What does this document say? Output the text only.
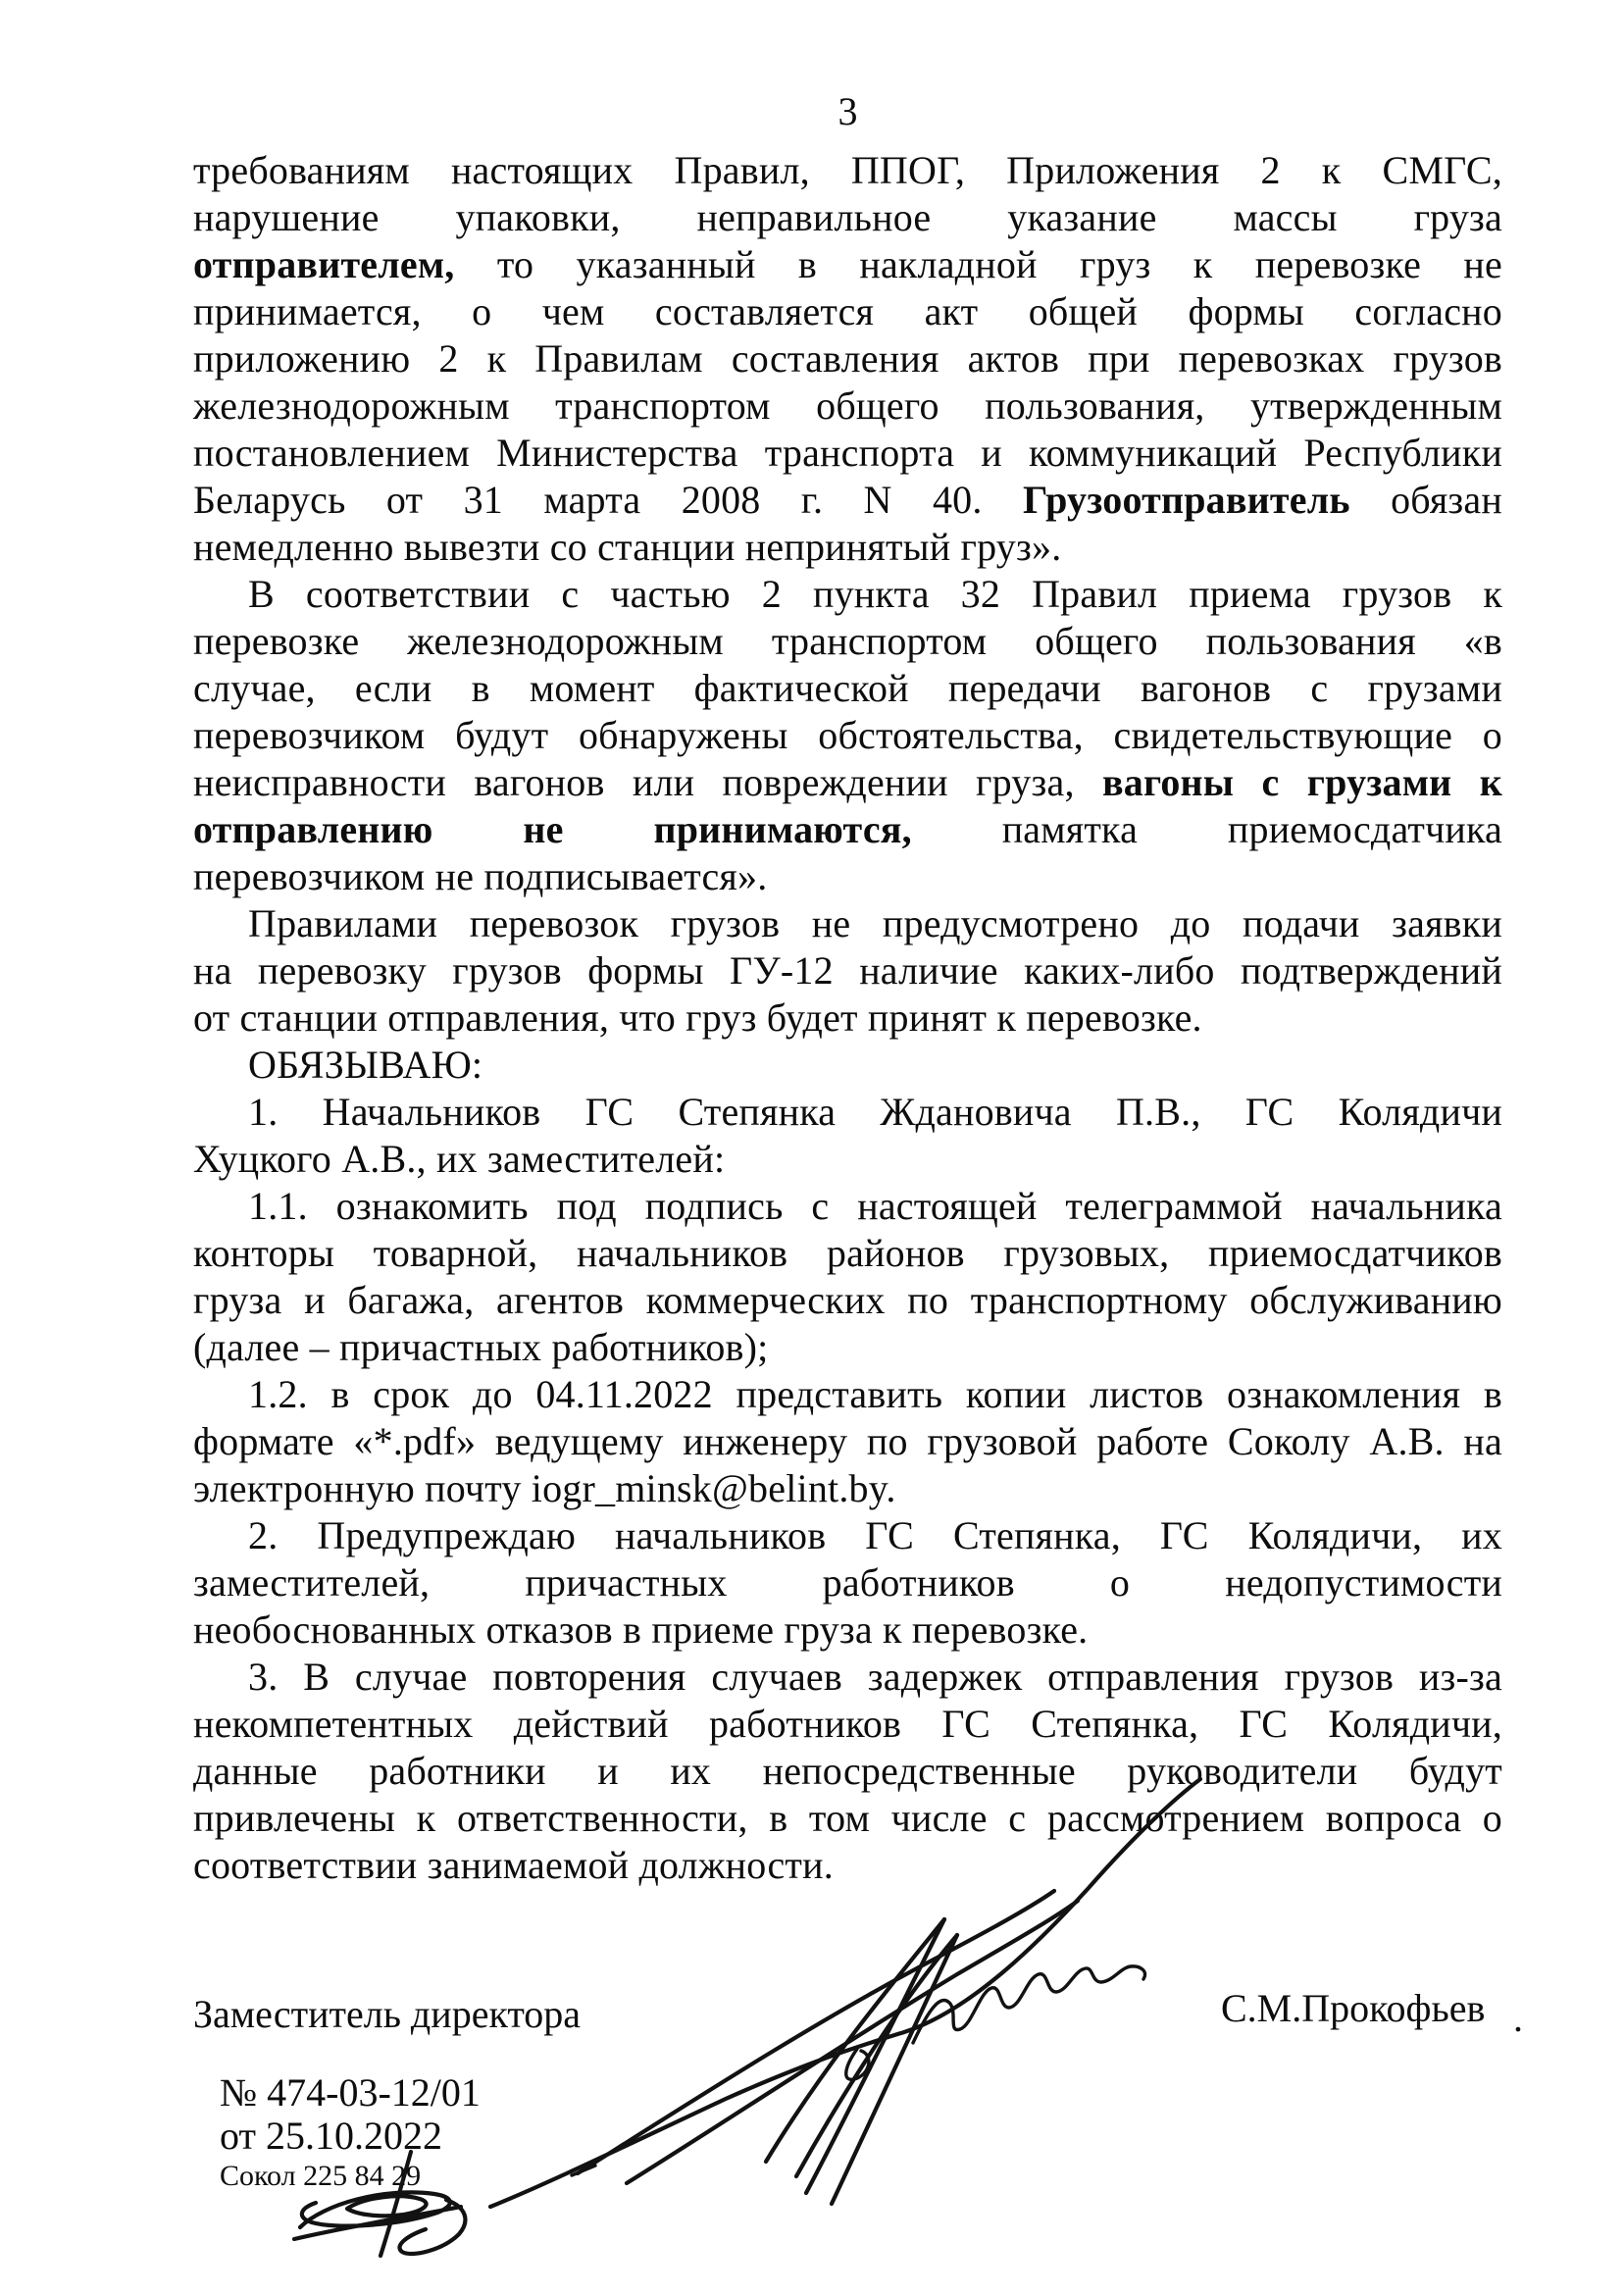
3
требованиям настоящих Правил, ППОГ, Приложения 2 к СМГС,
нарушение упаковки, неправильное указание массы груза
отправителем, то указанный в накладной груз к перевозке не
принимается, о чем составляется акт общей формы согласно
приложению 2 к Правилам составления актов при перевозках грузов
железнодорожным транспортом общего пользования, утвержденным
постановлением Министерства транспорта и коммуникаций Республики
Беларусь от 31 марта 2008 г. N 40. Грузоотправитель обязан
немедленно вывезти со станции непринятый груз».
В соответствии с частью 2 пункта 32 Правил приема грузов к
перевозке железнодорожным транспортом общего пользования «в
случае, если в момент фактической передачи вагонов с грузами
перевозчиком будут обнаружены обстоятельства, свидетельствующие о
неисправности вагонов или повреждении груза, вагоны с грузами к
отправлению не принимаются, памятка приемосдатчика
перевозчиком не подписывается».
Правилами перевозок грузов не предусмотрено до подачи заявки
на перевозку грузов формы ГУ-12 наличие каких-либо подтверждений
от станции отправления, что груз будет принят к перевозке.
ОБЯЗЫВАЮ:
1. Начальников ГС Степянка Ждановича П.В., ГС Колядичи
Хуцкого А.В., их заместителей:
1.1. ознакомить под подпись с настоящей телеграммой начальника
конторы товарной, начальников районов грузовых, приемосдатчиков
груза и багажа, агентов коммерческих по транспортному обслуживанию
(далее – причастных работников);
1.2. в срок до 04.11.2022 представить копии листов ознакомления в
формате «*.pdf» ведущему инженеру по грузовой работе Соколу А.В. на
электронную почту iogr_minsk@belint.by.
2. Предупреждаю начальников ГС Степянка, ГС Колядичи, их
заместителей, причастных работников о недопустимости
необоснованных отказов в приеме груза к перевозке.
3. В случае повторения случаев задержек отправления грузов из-за
некомпетентных действий работников ГС Степянка, ГС Колядичи,
данные работники и их непосредственные руководители будут
привлечены к ответственности, в том числе с рассмотрением вопроса о
соответствии занимаемой должности.
Заместитель директора	С.М.Прокофьев .
№ 474-03-12/01
от 25.10.2022
Сокол 225 84 29
